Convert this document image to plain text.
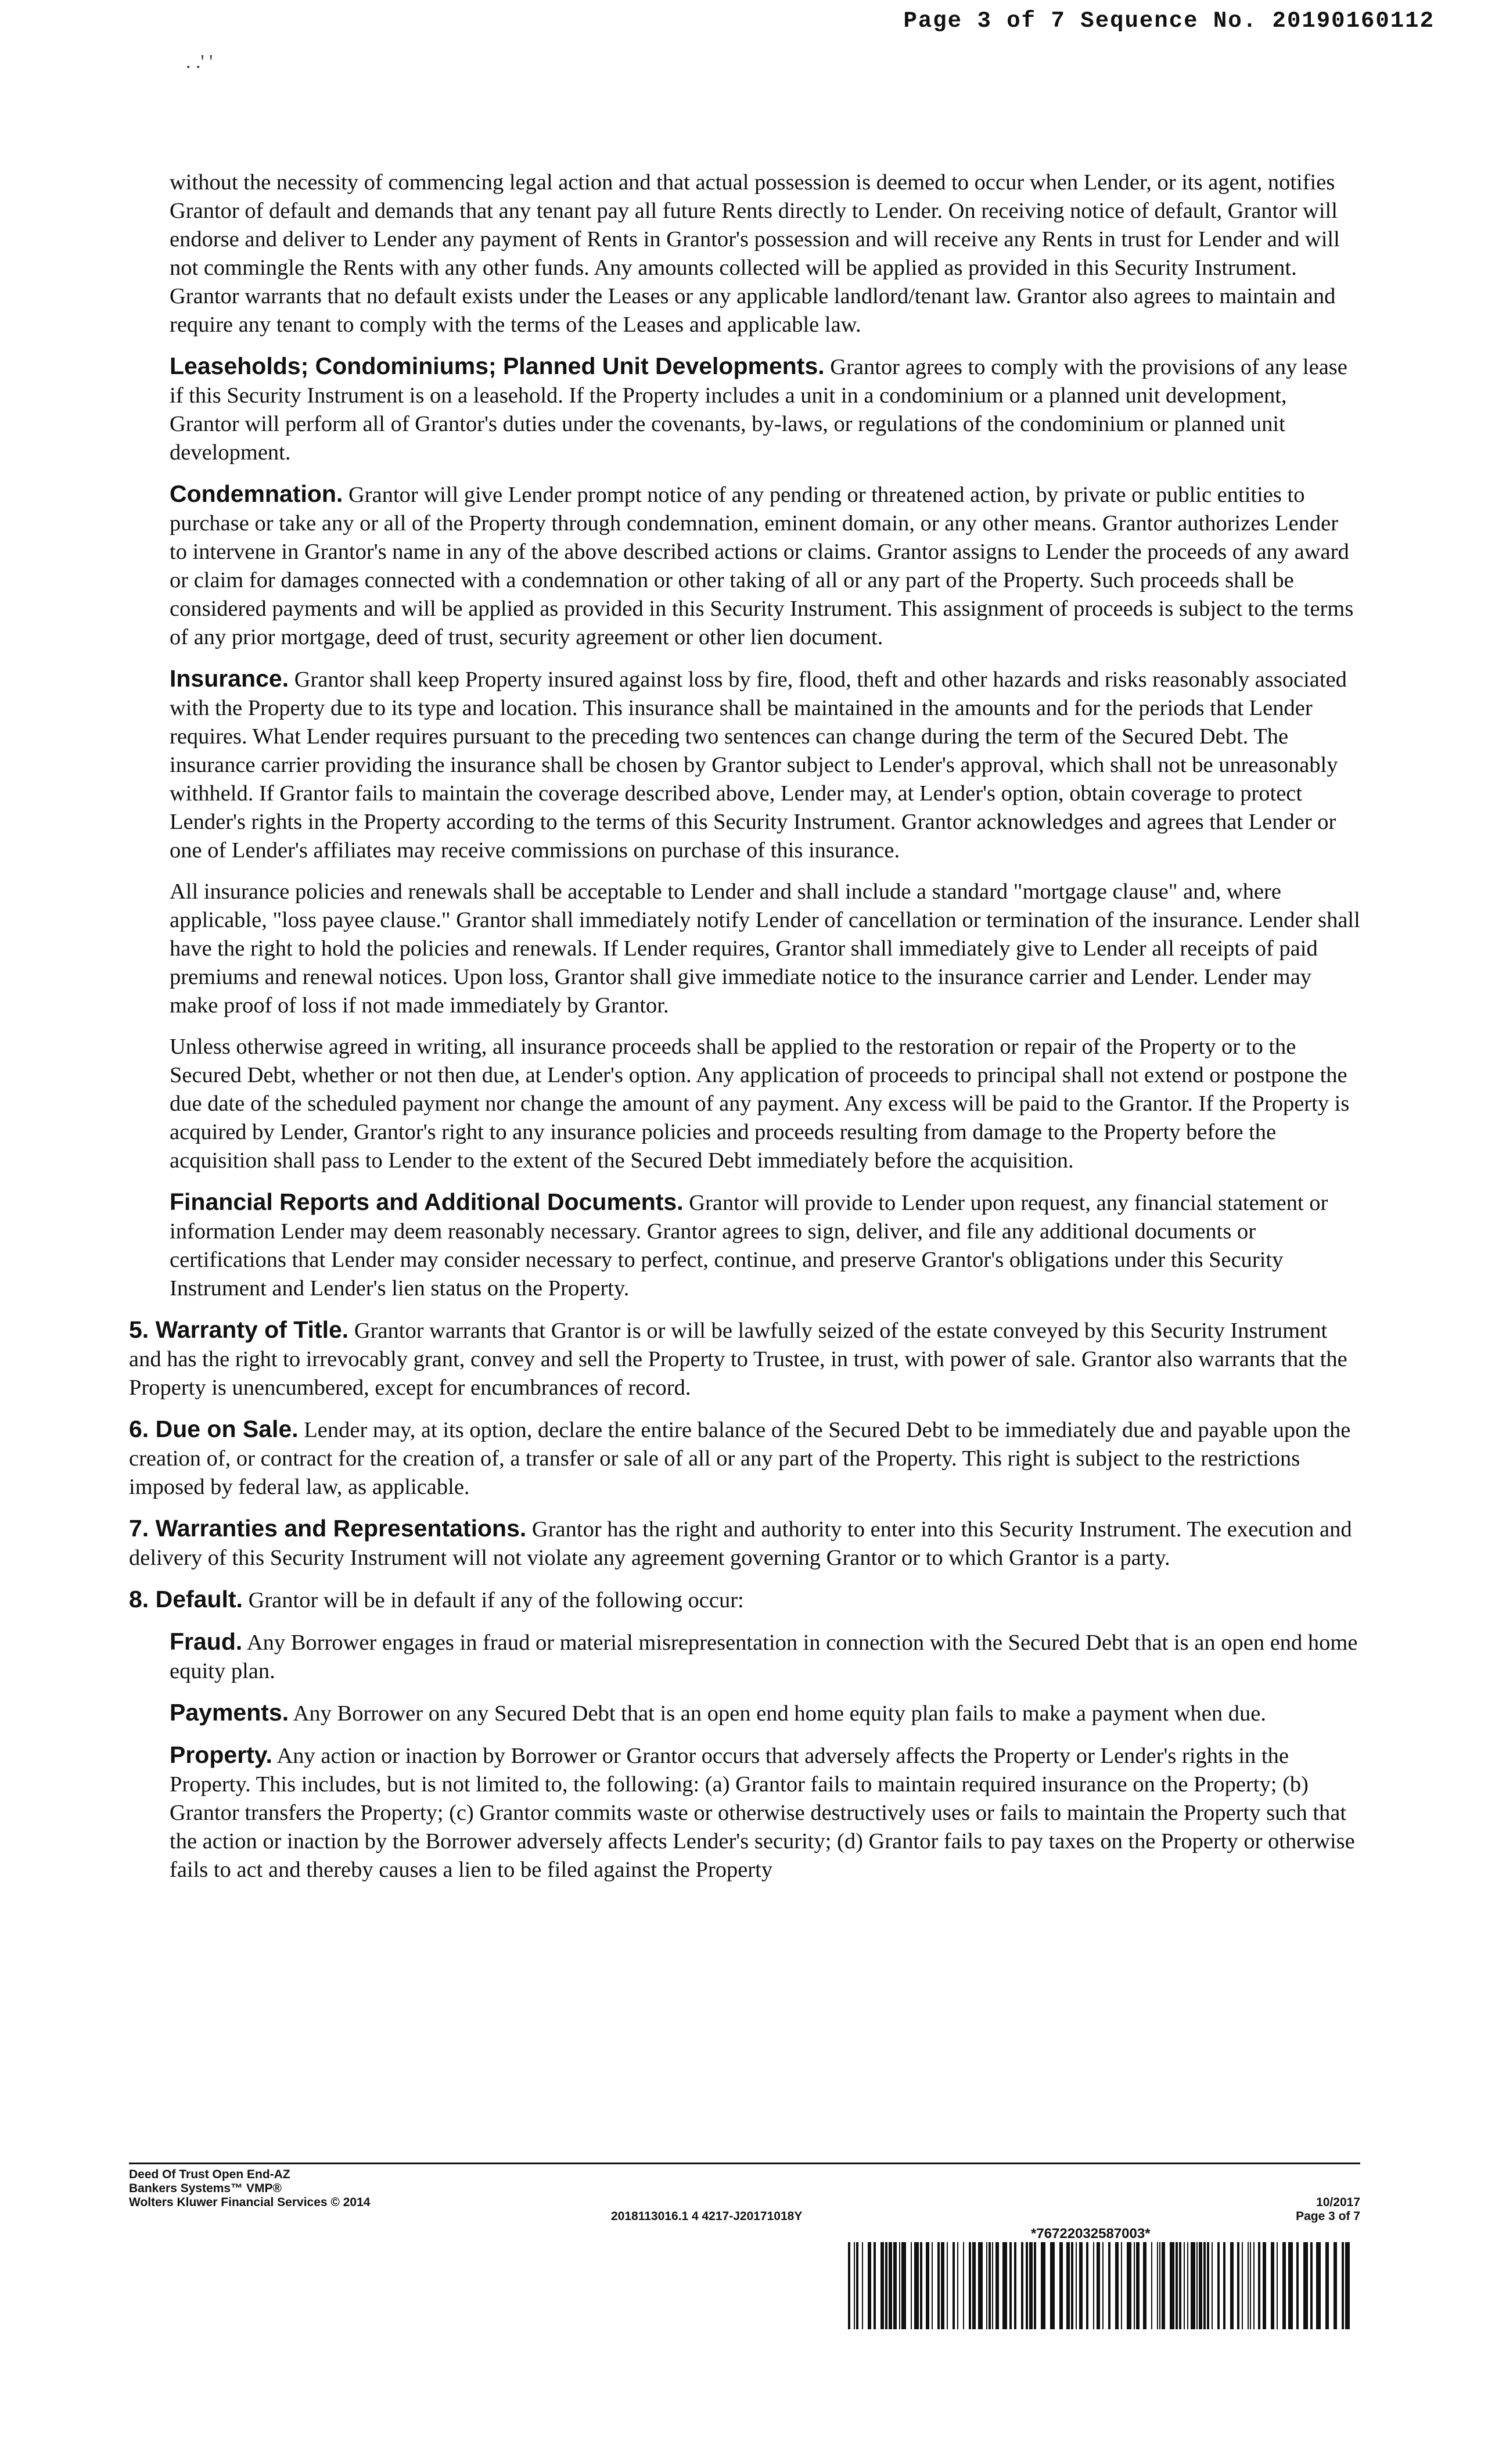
Page 3 of 7 Sequence No. 20190160112
. .' '

without the necessity of commencing legal action and that actual possession is deemed to occur when Lender, or its agent, notifies Grantor of default and demands that any tenant pay all future Rents directly to Lender. On receiving notice of default, Grantor will endorse and deliver to Lender any payment of Rents in Grantor's possession and will receive any Rents in trust for Lender and will not commingle the Rents with any other funds. Any amounts collected will be applied as provided in this Security Instrument. Grantor warrants that no default exists under the Leases or any applicable landlord/tenant law. Grantor also agrees to maintain and require any tenant to comply with the terms of the Leases and applicable law.

Leaseholds; Condominiums; Planned Unit Developments. Grantor agrees to comply with the provisions of any lease if this Security Instrument is on a leasehold. If the Property includes a unit in a condominium or a planned unit development, Grantor will perform all of Grantor's duties under the covenants, by-laws, or regulations of the condominium or planned unit development.

Condemnation. Grantor will give Lender prompt notice of any pending or threatened action, by private or public entities to purchase or take any or all of the Property through condemnation, eminent domain, or any other means. Grantor authorizes Lender to intervene in Grantor's name in any of the above described actions or claims. Grantor assigns to Lender the proceeds of any award or claim for damages connected with a condemnation or other taking of all or any part of the Property. Such proceeds shall be considered payments and will be applied as provided in this Security Instrument. This assignment of proceeds is subject to the terms of any prior mortgage, deed of trust, security agreement or other lien document.

Insurance. Grantor shall keep Property insured against loss by fire, flood, theft and other hazards and risks reasonably associated with the Property due to its type and location. This insurance shall be maintained in the amounts and for the periods that Lender requires. What Lender requires pursuant to the preceding two sentences can change during the term of the Secured Debt. The insurance carrier providing the insurance shall be chosen by Grantor subject to Lender's approval, which shall not be unreasonably withheld. If Grantor fails to maintain the coverage described above, Lender may, at Lender's option, obtain coverage to protect Lender's rights in the Property according to the terms of this Security Instrument. Grantor acknowledges and agrees that Lender or one of Lender's affiliates may receive commissions on purchase of this insurance.

All insurance policies and renewals shall be acceptable to Lender and shall include a standard "mortgage clause" and, where applicable, "loss payee clause." Grantor shall immediately notify Lender of cancellation or termination of the insurance. Lender shall have the right to hold the policies and renewals. If Lender requires, Grantor shall immediately give to Lender all receipts of paid premiums and renewal notices. Upon loss, Grantor shall give immediate notice to the insurance carrier and Lender. Lender may make proof of loss if not made immediately by Grantor.

Unless otherwise agreed in writing, all insurance proceeds shall be applied to the restoration or repair of the Property or to the Secured Debt, whether or not then due, at Lender's option. Any application of proceeds to principal shall not extend or postpone the due date of the scheduled payment nor change the amount of any payment. Any excess will be paid to the Grantor. If the Property is acquired by Lender, Grantor's right to any insurance policies and proceeds resulting from damage to the Property before the acquisition shall pass to Lender to the extent of the Secured Debt immediately before the acquisition.

Financial Reports and Additional Documents. Grantor will provide to Lender upon request, any financial statement or information Lender may deem reasonably necessary. Grantor agrees to sign, deliver, and file any additional documents or certifications that Lender may consider necessary to perfect, continue, and preserve Grantor's obligations under this Security Instrument and Lender's lien status on the Property.

5. Warranty of Title. Grantor warrants that Grantor is or will be lawfully seized of the estate conveyed by this Security Instrument and has the right to irrevocably grant, convey and sell the Property to Trustee, in trust, with power of sale. Grantor also warrants that the Property is unencumbered, except for encumbrances of record.

6. Due on Sale. Lender may, at its option, declare the entire balance of the Secured Debt to be immediately due and payable upon the creation of, or contract for the creation of, a transfer or sale of all or any part of the Property. This right is subject to the restrictions imposed by federal law, as applicable.

7. Warranties and Representations. Grantor has the right and authority to enter into this Security Instrument. The execution and delivery of this Security Instrument will not violate any agreement governing Grantor or to which Grantor is a party.

8. Default. Grantor will be in default if any of the following occur:

Fraud. Any Borrower engages in fraud or material misrepresentation in connection with the Secured Debt that is an open end home equity plan.

Payments. Any Borrower on any Secured Debt that is an open end home equity plan fails to make a payment when due.

Property. Any action or inaction by Borrower or Grantor occurs that adversely affects the Property or Lender's rights in the Property. This includes, but is not limited to, the following: (a) Grantor fails to maintain required insurance on the Property; (b) Grantor transfers the Property; (c) Grantor commits waste or otherwise destructively uses or fails to maintain the Property such that the action or inaction by the Borrower adversely affects Lender's security; (d) Grantor fails to pay taxes on the Property or otherwise fails to act and thereby causes a lien to be filed against the Property

Deed Of Trust Open End-AZ
Bankers Systems™ VMP®
Wolters Kluwer Financial Services © 2014
2018113016.1 4 4217-J20171018Y
10/2017
Page 3 of 7
*76722032587003*
